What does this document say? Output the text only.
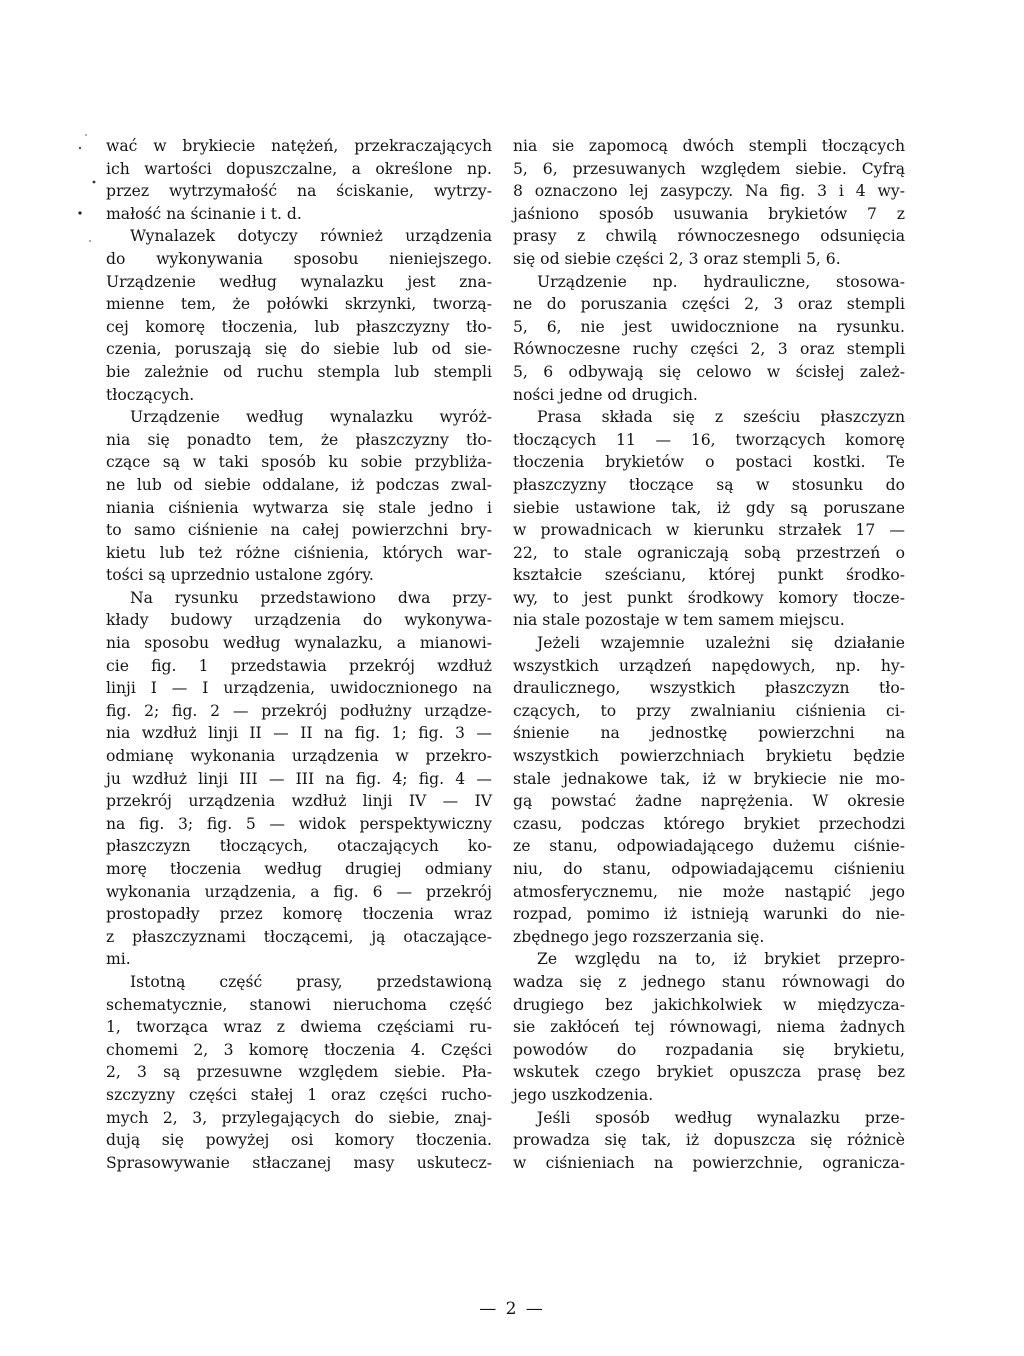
wać w brykiecie natężeń, przekraczających
ich wartości dopuszczalne, a określone np.
przez wytrzymałość na ściskanie, wytrzy-
małość na ścinanie i t. d.
Wynalazek dotyczy również urządzenia
do wykonywania sposobu nieniejszego.
Urządzenie według wynalazku jest zna-
mienne tem, że połówki skrzynki, tworzą-
cej komorę tłoczenia, lub płaszczyzny tło-
czenia, poruszają się do siebie lub od sie-
bie zależnie od ruchu stempla lub stempli
tłoczących.
Urządzenie według wynalazku wyróż-
nia się ponadto tem, że płaszczyzny tło-
czące są w taki sposób ku sobie przybliża-
ne lub od siebie oddalane, iż podczas zwal-
niania ciśnienia wytwarza się stale jedno i
to samo ciśnienie na całej powierzchni bry-
kietu lub też różne ciśnienia, których war-
tości są uprzednio ustalone zgóry.
Na rysunku przedstawiono dwa przy-
kłady budowy urządzenia do wykonywa-
nia sposobu według wynalazku, a mianowi-
cie fig. 1 przedstawia przekrój wzdłuż
linji I — I urządzenia, uwidocznionego na
fig. 2; fig. 2 — przekrój podłużny urządze-
nia wzdłuż linji II — II na fig. 1; fig. 3 —
odmianę wykonania urządzenia w przekro-
ju wzdłuż linji III — III na fig. 4; fig. 4 —
przekrój urządzenia wzdłuż linji IV — IV
na fig. 3; fig. 5 — widok perspektywiczny
płaszczyzn tłoczących, otaczających ko-
morę tłoczenia według drugiej odmiany
wykonania urządzenia, a fig. 6 — przekrój
prostopadły przez komorę tłoczenia wraz
z płaszczyznami tłoczącemi, ją otaczające-
mi.
Istotną część prasy, przedstawioną
schematycznie, stanowi nieruchoma część
1, tworząca wraz z dwiema częściami ru-
chomemi 2, 3 komorę tłoczenia 4. Części
2, 3 są przesuwne względem siebie. Pła-
szczyzny części stałej 1 oraz części rucho-
mych 2, 3, przylegających do siebie, znaj-
dują się powyżej osi komory tłoczenia.
Sprasowywanie stłaczanej masy uskutecz-
nia sie zapomocą dwóch stempli tłoczących
5, 6, przesuwanych względem siebie. Cyfrą
8 oznaczono lej zasypczy. Na fig. 3 i 4 wy-
jaśniono sposób usuwania brykietów 7 z
prasy z chwilą równoczesnego odsunięcia
się od siebie części 2, 3 oraz stempli 5, 6.
Urządzenie np. hydrauliczne, stosowa-
ne do poruszania części 2, 3 oraz stempli
5, 6, nie jest uwidocznione na rysunku.
Równoczesne ruchy części 2, 3 oraz stempli
5, 6 odbywają się celowo w ścisłej zależ-
ności jedne od drugich.
Prasa składa się z sześciu płaszczyzn
tłoczących 11 — 16, tworzących komorę
tłoczenia brykietów o postaci kostki. Te
płaszczyzny tłoczące są w stosunku do
siebie ustawione tak, iż gdy są poruszane
w prowadnicach w kierunku strzałek 17 —
22, to stale ograniczają sobą przestrzeń o
kształcie sześcianu, której punkt środko-
wy, to jest punkt środkowy komory tłocze-
nia stale pozostaje w tem samem miejscu.
Jeżeli wzajemnie uzależni się działanie
wszystkich urządzeń napędowych, np. hy-
draulicznego, wszystkich płaszczyzn tło-
czących, to przy zwalnianiu ciśnienia ci-
śnienie na jednostkę powierzchni na
wszystkich powierzchniach brykietu będzie
stale jednakowe tak, iż w brykiecie nie mo-
gą powstać żadne naprężenia. W okresie
czasu, podczas którego brykiet przechodzi
ze stanu, odpowiadającego dużemu ciśnie-
niu, do stanu, odpowiadającemu ciśnieniu
atmosferycznemu, nie może nastąpić jego
rozpad, pomimo iż istnieją warunki do nie-
zbędnego jego rozszerzania się.
Ze względu na to, iż brykiet przepro-
wadza się z jednego stanu równowagi do
drugiego bez jakichkolwiek w międzycza-
sie zakłóceń tej równowagi, niema żadnych
powodów do rozpadania się brykietu,
wskutek czego brykiet opuszcza prasę bez
jego uszkodzenia.
Jeśli sposób według wynalazku prze-
prowadza się tak, iż dopuszcza się różnicè
w ciśnieniach na powierzchnie, ogranicza-
— 2 —
